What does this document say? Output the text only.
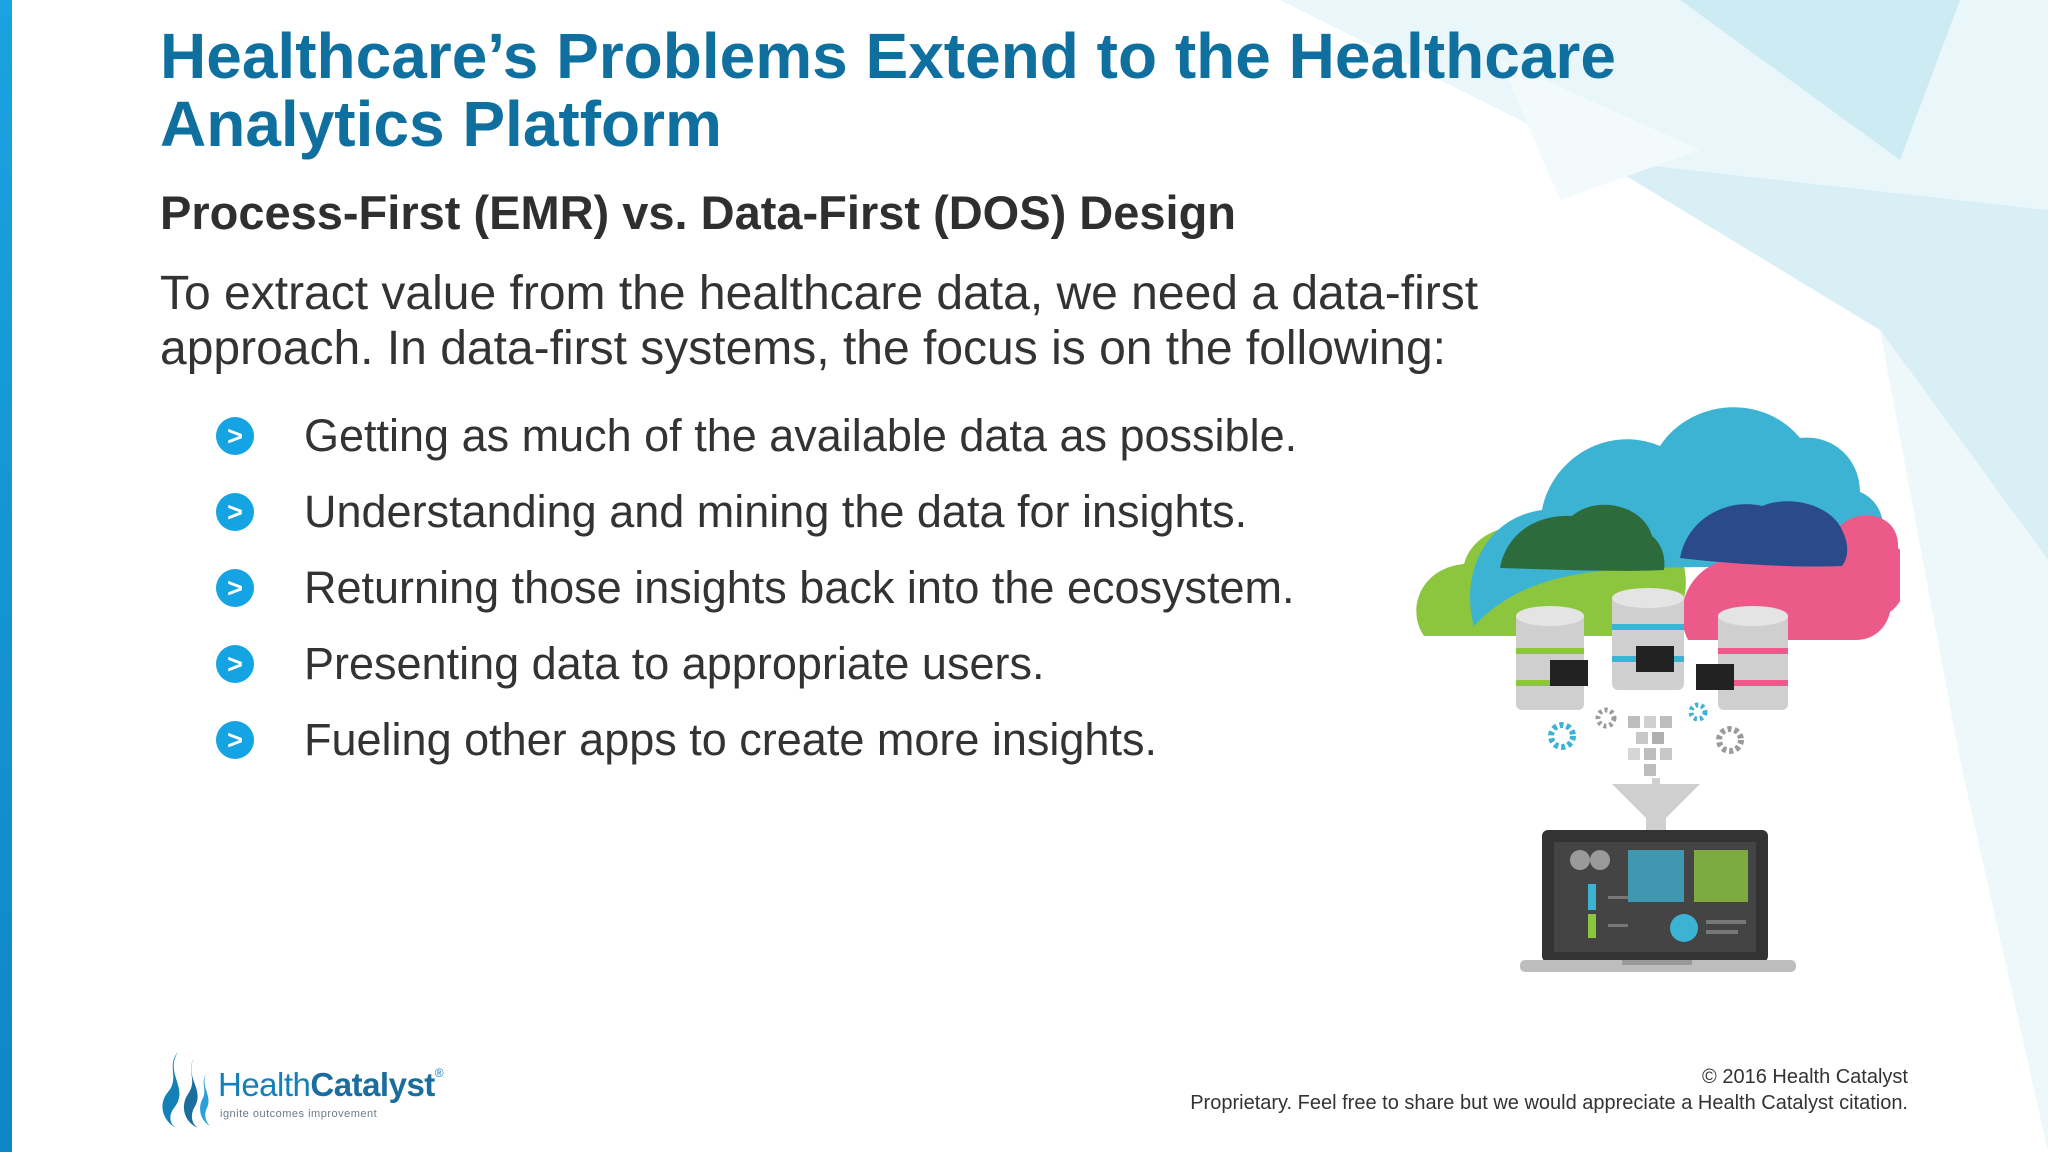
Healthcare’s Problems Extend to the Healthcare Analytics Platform
Process-First (EMR) vs. Data-First (DOS) Design

To extract value from the healthcare data, we need a data-first approach. In data-first systems, the focus is on the following:

> Getting as much of the available data as possible.
> Understanding and mining the data for insights.
> Returning those insights back into the ecosystem.
> Presenting data to appropriate users.
> Fueling other apps to create more insights.
HealthCatalyst®
ignite outcomes improvement
© 2016 Health Catalyst
Proprietary. Feel free to share but we would appreciate a Health Catalyst citation.
